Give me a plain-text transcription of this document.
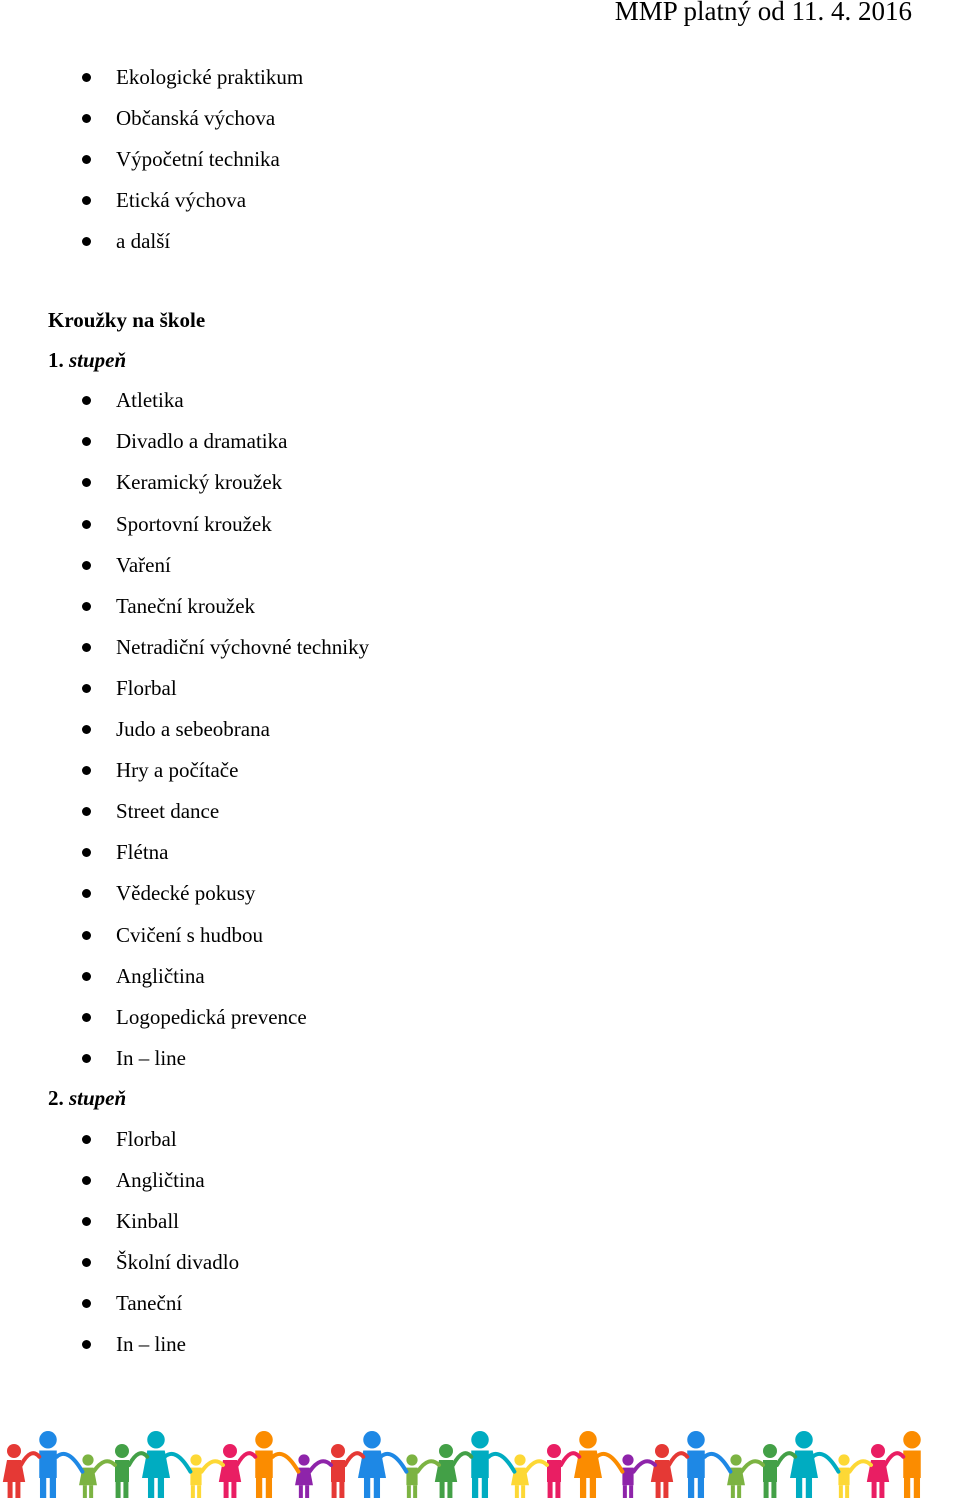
MMP platný od 11. 4. 2016
Ekologické praktikum
Občanská výchova
Výpočetní technika
Etická výchova
a další
Kroužky na škole
1. stupeň
Atletika
Divadlo a dramatika
Keramický kroužek
Sportovní kroužek
Vaření
Taneční kroužek
Netradiční výchovné techniky
Florbal
Judo a sebeobrana
Hry a počítače
Street dance
Flétna
Vědecké pokusy
Cvičení s hudbou
Angličtina
Logopedická prevence
In – line
2. stupeň
Florbal
Angličtina
Kinball
Školní divadlo
Taneční
In – line
